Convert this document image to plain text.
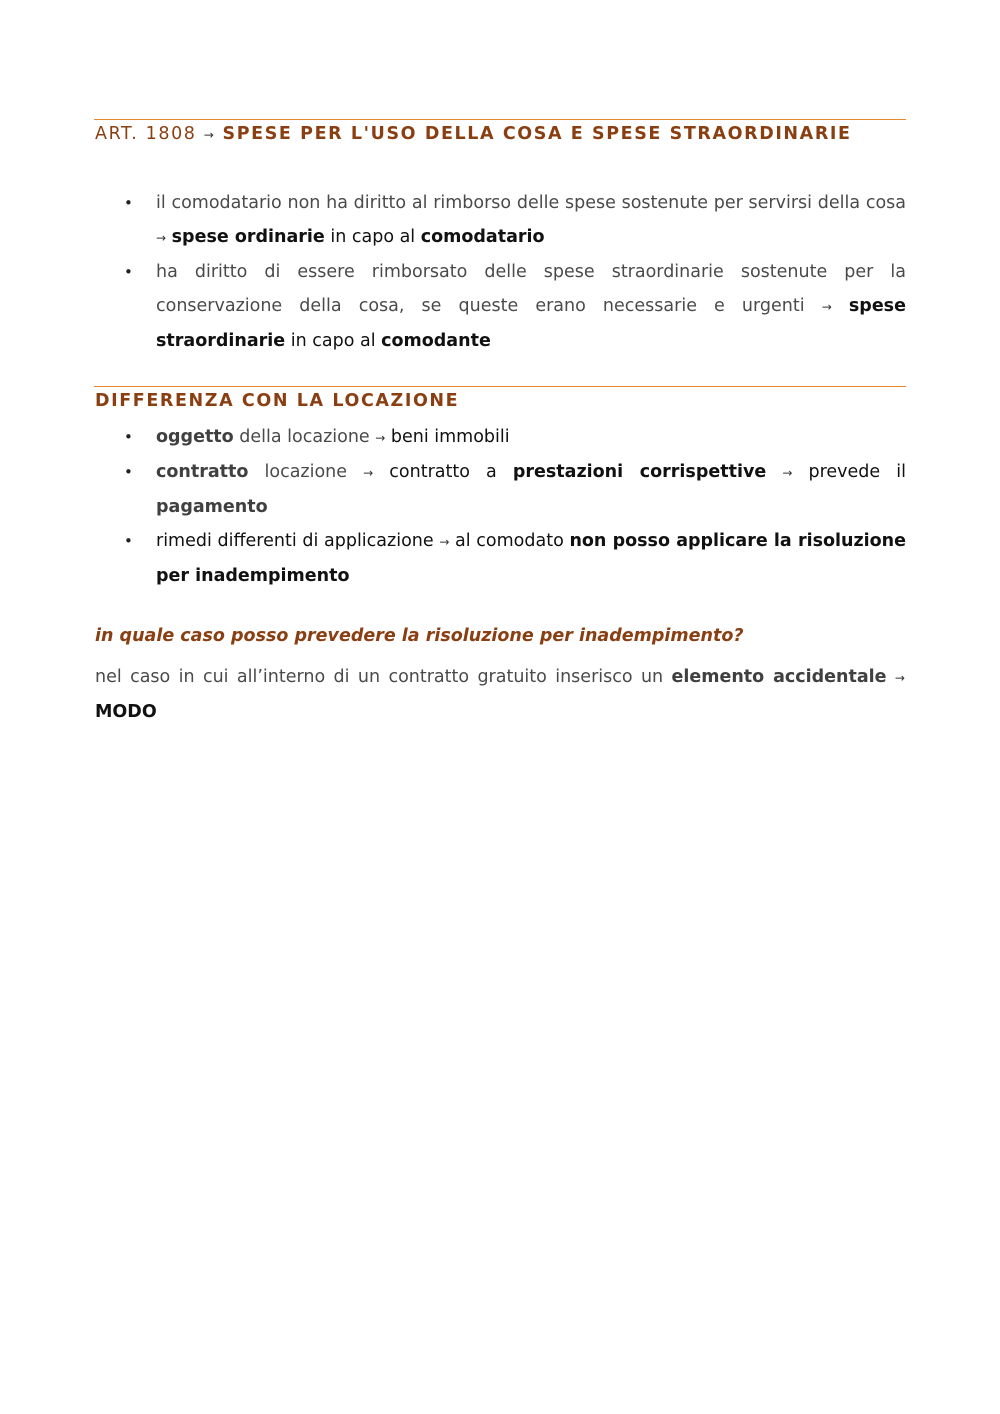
ART. 1808 → SPESE PER L'USO DELLA COSA E SPESE STRAORDINARIE
• il comodatario non ha diritto al rimborso delle spese sostenute per servirsi della cosa → spese ordinarie in capo al comodatario
• ha diritto di essere rimborsato delle spese straordinarie sostenute per la conservazione della cosa, se queste erano necessarie e urgenti → spese straordinarie in capo al comodante
DIFFERENZA CON LA LOCAZIONE
• oggetto della locazione → beni immobili
• contratto locazione → contratto a prestazioni corrispettive → prevede il pagamento
• rimedi differenti di applicazione → al comodato non posso applicare la risoluzione per inadempimento
in quale caso posso prevedere la risoluzione per inadempimento?
nel caso in cui all’interno di un contratto gratuito inserisco un elemento accidentale → MODO
